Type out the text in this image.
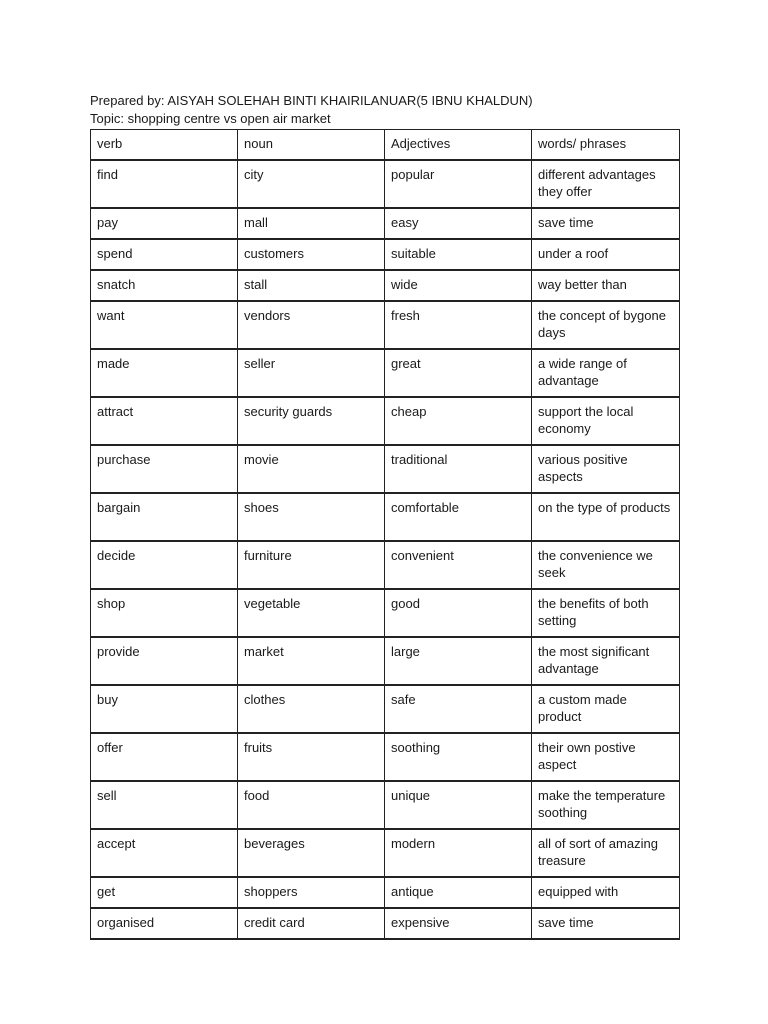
Prepared by: AISYAH SOLEHAH BINTI KHAIRILANUAR(5 IBNU KHALDUN)
Topic: shopping centre vs open air market
verb	noun	Adjectives	words/ phrases
find	city	popular	different advantages they offer
pay	mall	easy	save time
spend	customers	suitable	under a roof
snatch	stall	wide	way better than
want	vendors	fresh	the concept of bygone days
made	seller	great	a wide range of advantage
attract	security guards	cheap	support the local economy
purchase	movie	traditional	various positive aspects
bargain	shoes	comfortable	on the type of products
decide	furniture	convenient	the convenience we seek
shop	vegetable	good	the benefits of both setting
provide	market	large	the most significant advantage
buy	clothes	safe	a custom made product
offer	fruits	soothing	their own postive aspect
sell	food	unique	make the temperature soothing
accept	beverages	modern	all of sort of amazing treasure
get	shoppers	antique	equipped with
organised	credit card	expensive	save time
